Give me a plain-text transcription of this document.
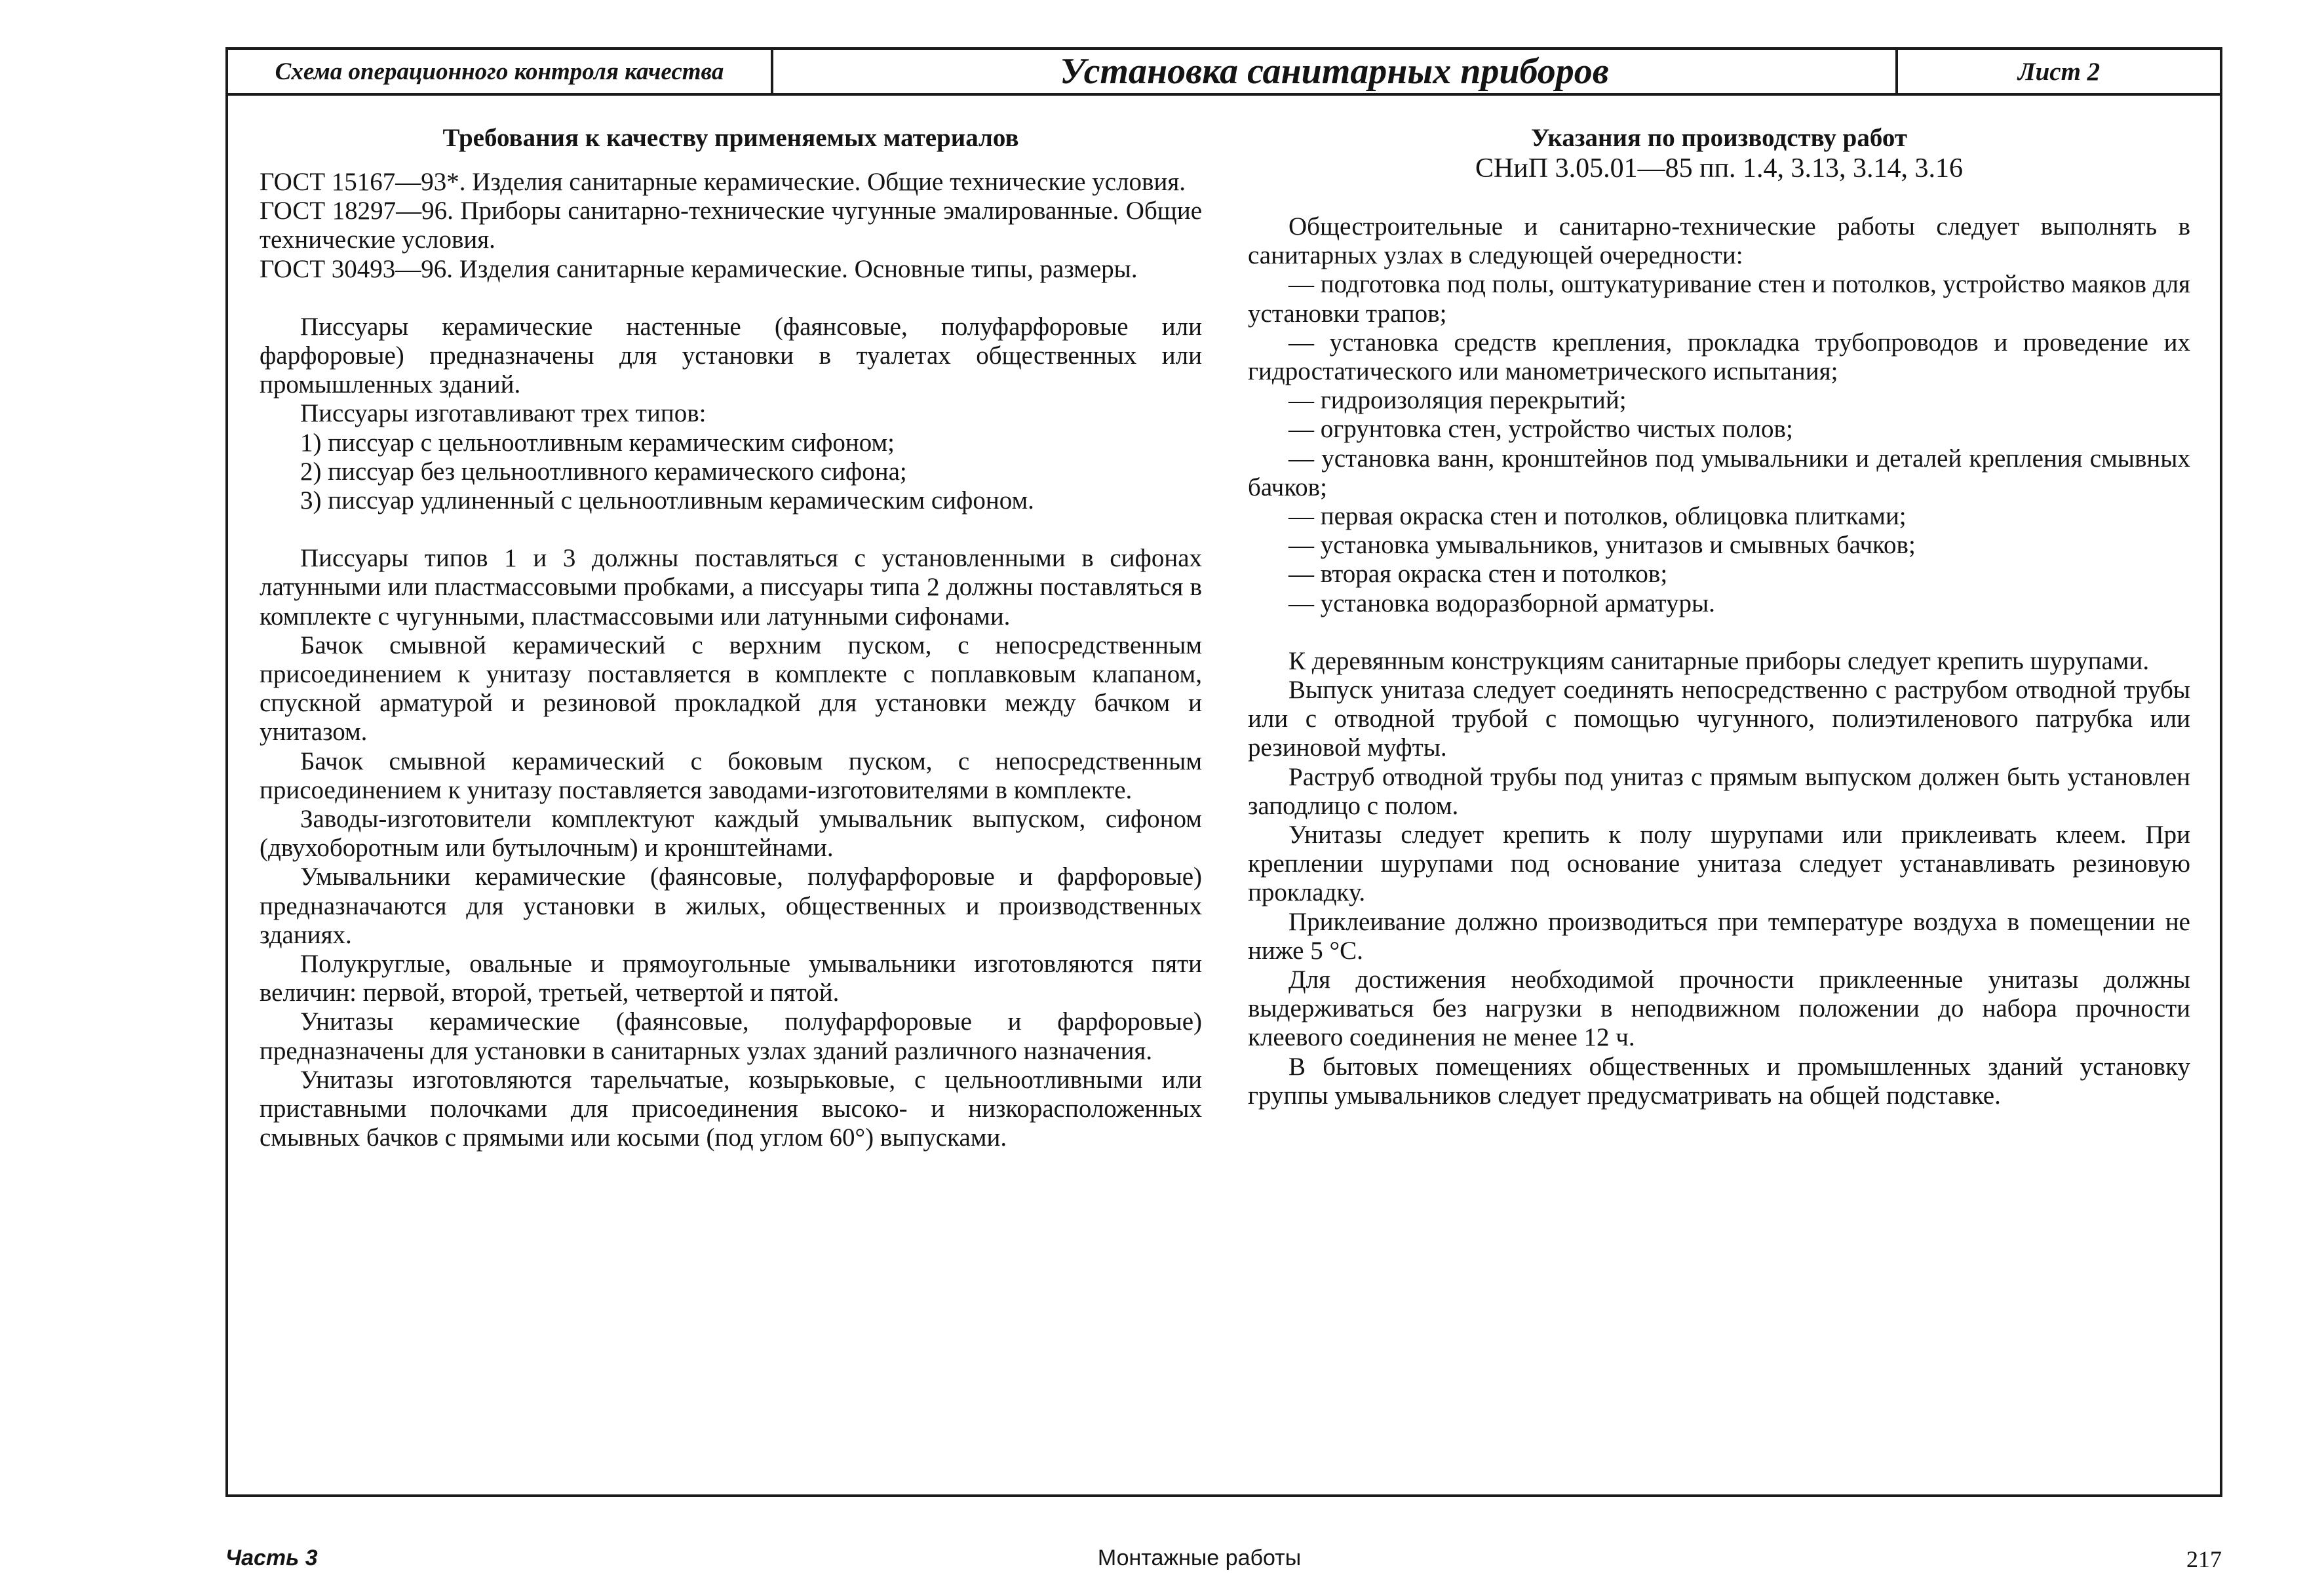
Схема операционного контроля качества	Установка санитарных приборов	Лист 2
Требования к качеству применяемых материалов

ГОСТ 15167—93*. Изделия санитарные керамические. Общие технические условия.

ГОСТ 18297—96. Приборы санитарно-технические чугунные эмалированные. Общие технические условия.

ГОСТ 30493—96. Изделия санитарные керамические. Основные типы, размеры.

Писсуары керамические настенные (фаянсовые, полуфарфоровые или фарфоровые) предназначены для установки в туалетах общественных или промышленных зданий.

Писсуары изготавливают трех типов:

1) писсуар с цельноотливным керамическим сифоном;

2) писсуар без цельноотливного керамического сифона;

3) писсуар удлиненный с цельноотливным керамическим сифоном.

Писсуары типов 1 и 3 должны поставляться с установленными в сифонах латунными или пластмассовыми пробками, а писсуары типа 2 должны поставляться в комплекте с чугунными, пластмассовыми или латунными сифонами.

Бачок смывной керамический с верхним пуском, с непосредственным присоединением к унитазу поставляется в комплекте с поплавковым клапаном, спускной арматурой и резиновой прокладкой для установки между бачком и унитазом.

Бачок смывной керамический с боковым пуском, с непосредственным присоединением к унитазу поставляется заводами-изготовителями в комплекте.

Заводы-изготовители комплектуют каждый умывальник выпуском, сифоном (двухоборотным или бутылочным) и кронштейнами.

Умывальники керамические (фаянсовые, полуфарфоровые и фарфоровые) предназначаются для установки в жилых, общественных и производственных зданиях.

Полукруглые, овальные и прямоугольные умывальники изготовляются пяти величин: первой, второй, третьей, четвертой и пятой.

Унитазы керамические (фаянсовые, полуфарфоровые и фарфоровые) предназначены для установки в санитарных узлах зданий различного назначения.

Унитазы изготовляются тарельчатые, козырьковые, с цельноотливными или приставными полочками для присоединения высоко- и низкорасположенных смывных бачков с прямыми или косыми (под углом 60°) выпусками.

Указания по производству работ
СНиП 3.05.01—85 пп. 1.4, 3.13, 3.14, 3.16

Общестроительные и санитарно-технические работы следует выполнять в санитарных узлах в следующей очередности:

— подготовка под полы, оштукатуривание стен и потолков, устройство маяков для установки трапов;

— установка средств крепления, прокладка трубопроводов и проведение их гидростатического или манометрического испытания;

— гидроизоляция перекрытий;

— огрунтовка стен, устройство чистых полов;

— установка ванн, кронштейнов под умывальники и деталей крепления смывных бачков;

— первая окраска стен и потолков, облицовка плитками;

— установка умывальников, унитазов и смывных бачков;

— вторая окраска стен и потолков;

— установка водоразборной арматуры.

К деревянным конструкциям санитарные приборы следует крепить шурупами.

Выпуск унитаза следует соединять непосредственно с раструбом отводной трубы или с отводной трубой с помощью чугунного, полиэтиленового патрубка или резиновой муфты.

Раструб отводной трубы под унитаз с прямым выпуском должен быть установлен заподлицо с полом.

Унитазы следует крепить к полу шурупами или приклеивать клеем. При креплении шурупами под основание унитаза следует устанавливать резиновую прокладку.

Приклеивание должно производиться при температуре воздуха в помещении не ниже 5 °С.

Для достижения необходимой прочности приклеенные унитазы должны выдерживаться без нагрузки в неподвижном положении до набора прочности клеевого соединения не менее 12 ч.

В бытовых помещениях общественных и промышленных зданий установку группы умывальников следует предусматривать на общей подставке.

Часть 3	Монтажные работы	217
